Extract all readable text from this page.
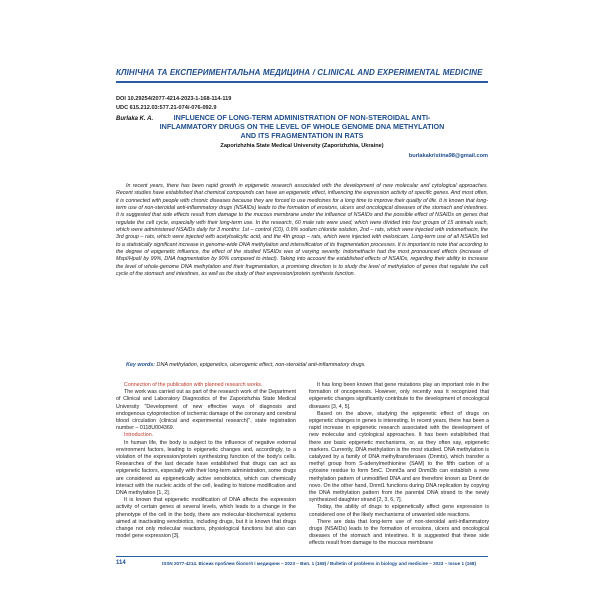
КЛІНІЧНА ТА ЕКСПЕРИМЕНТАЛЬНА МЕДИЦИНА / CLINICAL AND EXPERIMENTAL MEDICINE
DOI 10.29254/2077-4214-2023-1-168-114-119
UDC 615.212.03:577.21-074/-076-092.9
Burlaka K. A.	INFLUENCE OF LONG-TERM ADMINISTRATION OF NON-STEROIDAL ANTI-
INFLAMMATORY DRUGS ON THE LEVEL OF WHOLE GENOME DNA METHYLATION
AND ITS FRAGMENTATION IN RATS
Zaporizhzhia State Medical University (Zaporizhzhia, Ukraine)
burlakakristina98@gmail.com

In recent years, there has been rapid growth in epigenetic research associated with the development of new molecular and cytological approaches. Recent studies have established that chemical compounds can have an epigenetic effect, influencing the expression activity of specific genes. And most often, it is connected with people with chronic diseases because they are forced to use medicines for a long time to improve their quality of life. It is known that long-term use of non-steroidal anti-inflammatory drugs (NSAIDs) leads to the formation of erosions, ulcers and oncological diseases of the stomach and intestines. It is suggested that side effects result from damage to the mucous membrane under the influence of NSAIDs and the possible effect of NSAIDs on genes that regulate the cell cycle, especially with their long-term use. In the research, 60 male rats were used, which were divided into four groups of 15 animals each, which were administered NSAIDs daily for 3 months: 1st – control (C0), 0.9% sodium chloride solution, 2nd – rats, which were injected with indomethacin, the 3rd group – rats, which were injected with acetylsalicylic acid, and the 4th group – rats, which were injected with meloxicam. Long-term use of all NSAIDs led to a statistically significant increase in genome-wide DNA methylation and intensification of its fragmentation processes. It is important to note that according to the degree of epigenetic influence, the effect of the studied NSAIDs was of varying severity. Indomethacin had the most pronounced effects (increase of MspI/HpaII by 99%, DNA fragmentation by 90% compared to intact). Taking into account the established effects of NSAIDs, regarding their ability to increase the level of whole-genome DNA methylation and their fragmentation, a promising direction is to study the level of methylation of genes that regulate the cell cycle of the stomach and intestines, as well as the study of their expression/protein synthesis function.

Key words: DNA methylation, epigenetics, ulcerogenic effect, non-steroidal anti-inflammatory drugs.

Connection of the publication with planned research works.

The work was carried out as part of the research work of the Department of Clinical and Laboratory Diagnostics of the Zaporizhzhia State Medical University "Development of new effective ways of diagnosis and endogenous cytoprotection of ischemic damage of the coronary and cerebral blood circulation (clinical and experimental research)", state registration number – 0118U004369.

Introduction.

In human life, the body is subject to the influence of negative external environment factors, leading to epigenetic changes and, accordingly, to a violation of the expression/protein synthesizing function of the body's cells. Researches of the last decade have established that drugs can act as epigenetic factors, especially with their long-term administration, some drugs are considered as epigenetically active xenobiotics, which can chemically interact with the nucleic acids of the cell, leading to histone modification and DNA methylation [1, 2].

It is known that epigenetic modification of DNA affects the expression activity of certain genes at several levels, which leads to a change in the phenotype of the cell in the body, there are molecular-biochemical systems aimed at inactivating xenobiotics, including drugs, but it is known that drugs change not only molecular reactions, physiological functions but also can model gene expression [3].

It has long been known that gene mutations play an important role in the formation of oncogenesis. However, only recently was it recognized that epigenetic changes significantly contribute to the development of oncological diseases [3, 4, 5].

Based on the above, studying the epigenetic effect of drugs on epigenetic changes in genes is interesting. In recent years, there has been a rapid increase in epigenetic research associated with the development of new molecular and cytological approaches. It has been established that there are basic epigenetic mechanisms, or, as they often say, epigenetic markers. Currently, DNA methylation is the most studied. DNA methylation is catalyzed by a family of DNA methyltransferases (Dnmts), which transfer a methyl group from S-adenylmethionine (SAM) to the fifth carbon of a cytosine residue to form 5mC. Dnmt3a and Dnmt3b can establish a new methylation pattern of unmodified DNA and are therefore known as Dnmt de novo. On the other hand, Dnmt1 functions during DNA replication by copying the DNA methylation pattern from the parental DNA strand to the newly synthesized daughter strand [2, 3, 6, 7].

Today, the ability of drugs to epigenetically affect gene expression is considered one of the likely mechanisms of unwanted side reactions.

There are data that long-term use of non-steroidal anti-inflammatory drugs (NSAIDs) leads to the formation of erosions, ulcers and oncological diseases of the stomach and intestines. It is suggested that these side effects result from damage to the mucous membrane

114	ISSN 2077-4214. Вісник проблем біології і медицини – 2023 – Вип. 1 (168) / Bulletin of problems in biology and medicine – 2023 – Issue 1 (168)
